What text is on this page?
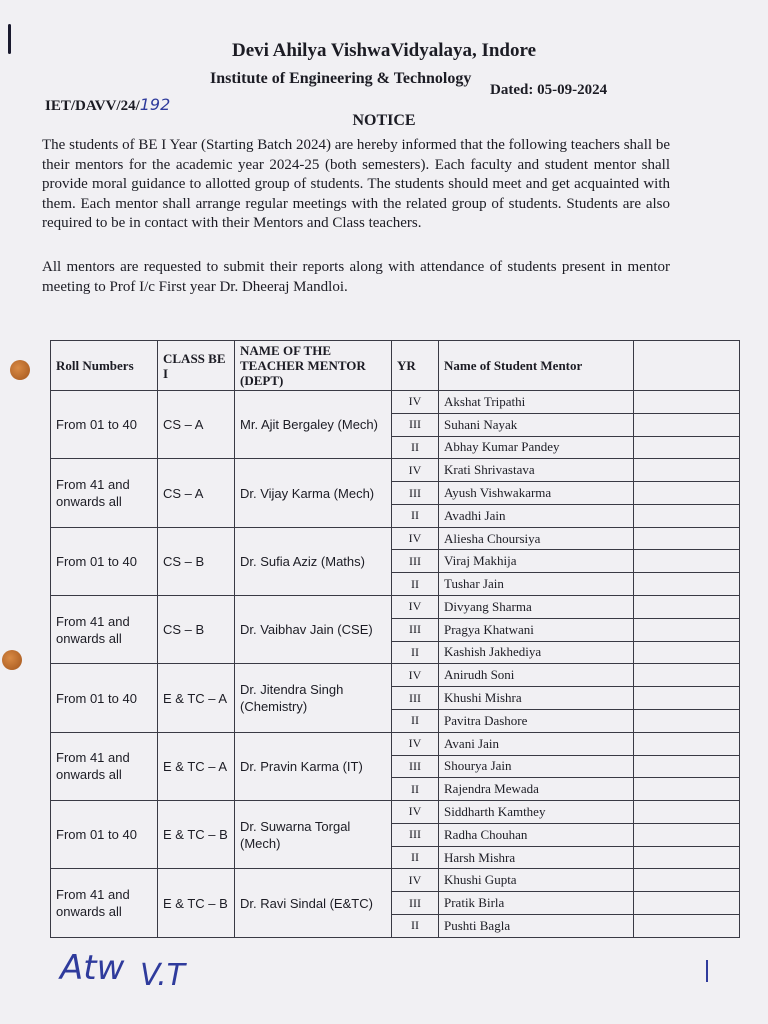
Devi Ahilya VishwaVidyalaya, Indore
Institute of Engineering & Technology
IET/DAVV/24/192
Dated: 05-09-2024
NOTICE
The students of BE I Year (Starting Batch 2024) are hereby informed that the following teachers shall be their mentors for the academic year 2024-25 (both semesters). Each faculty and student mentor shall provide moral guidance to allotted group of students. The students should meet and get acquainted with them. Each mentor shall arrange regular meetings with the related group of students. Students are also required to be in contact with their Mentors and Class teachers.
All mentors are requested to submit their reports along with attendance of students present in mentor meeting to Prof I/c First year Dr. Dheeraj Mandloi.
Roll Numbers	CLASS BE I	NAME OF THE TEACHER MENTOR (DEPT)	YR	Name of Student Mentor	
From 01 to 40	CS – A	Mr. Ajit Bergaley (Mech)	IV	Akshat Tripathi	
			III	Suhani Nayak	
			II	Abhay Kumar Pandey	
From 41 and onwards all	CS – A	Dr. Vijay Karma (Mech)	IV	Krati Shrivastava	
			III	Ayush Vishwakarma	
			II	Avadhi Jain	
From 01 to 40	CS – B	Dr. Sufia Aziz (Maths)	IV	Aliesha Choursiya	
			III	Viraj Makhija	
			II	Tushar Jain	
From 41 and onwards all	CS – B	Dr. Vaibhav Jain (CSE)	IV	Divyang Sharma	
			III	Pragya Khatwani	
			II	Kashish Jakhediya	
From 01 to 40	E & TC – A	Dr. Jitendra Singh (Chemistry)	IV	Anirudh Soni	
			III	Khushi Mishra	
			II	Pavitra Dashore	
From 41 and onwards all	E & TC – A	Dr. Pravin Karma (IT)	IV	Avani Jain	
			III	Shourya Jain	
			II	Rajendra Mewada	
From 01 to 40	E & TC – B	Dr. Suwarna Torgal (Mech)	IV	Siddharth Kamthey	
			III	Radha Chouhan	
			II	Harsh Mishra	
From 41 and onwards all	E & TC – B	Dr. Ravi Sindal (E&TC)	IV	Khushi Gupta	
			III	Pratik Birla	
			II	Pushti Bagla	
Atw V.T
